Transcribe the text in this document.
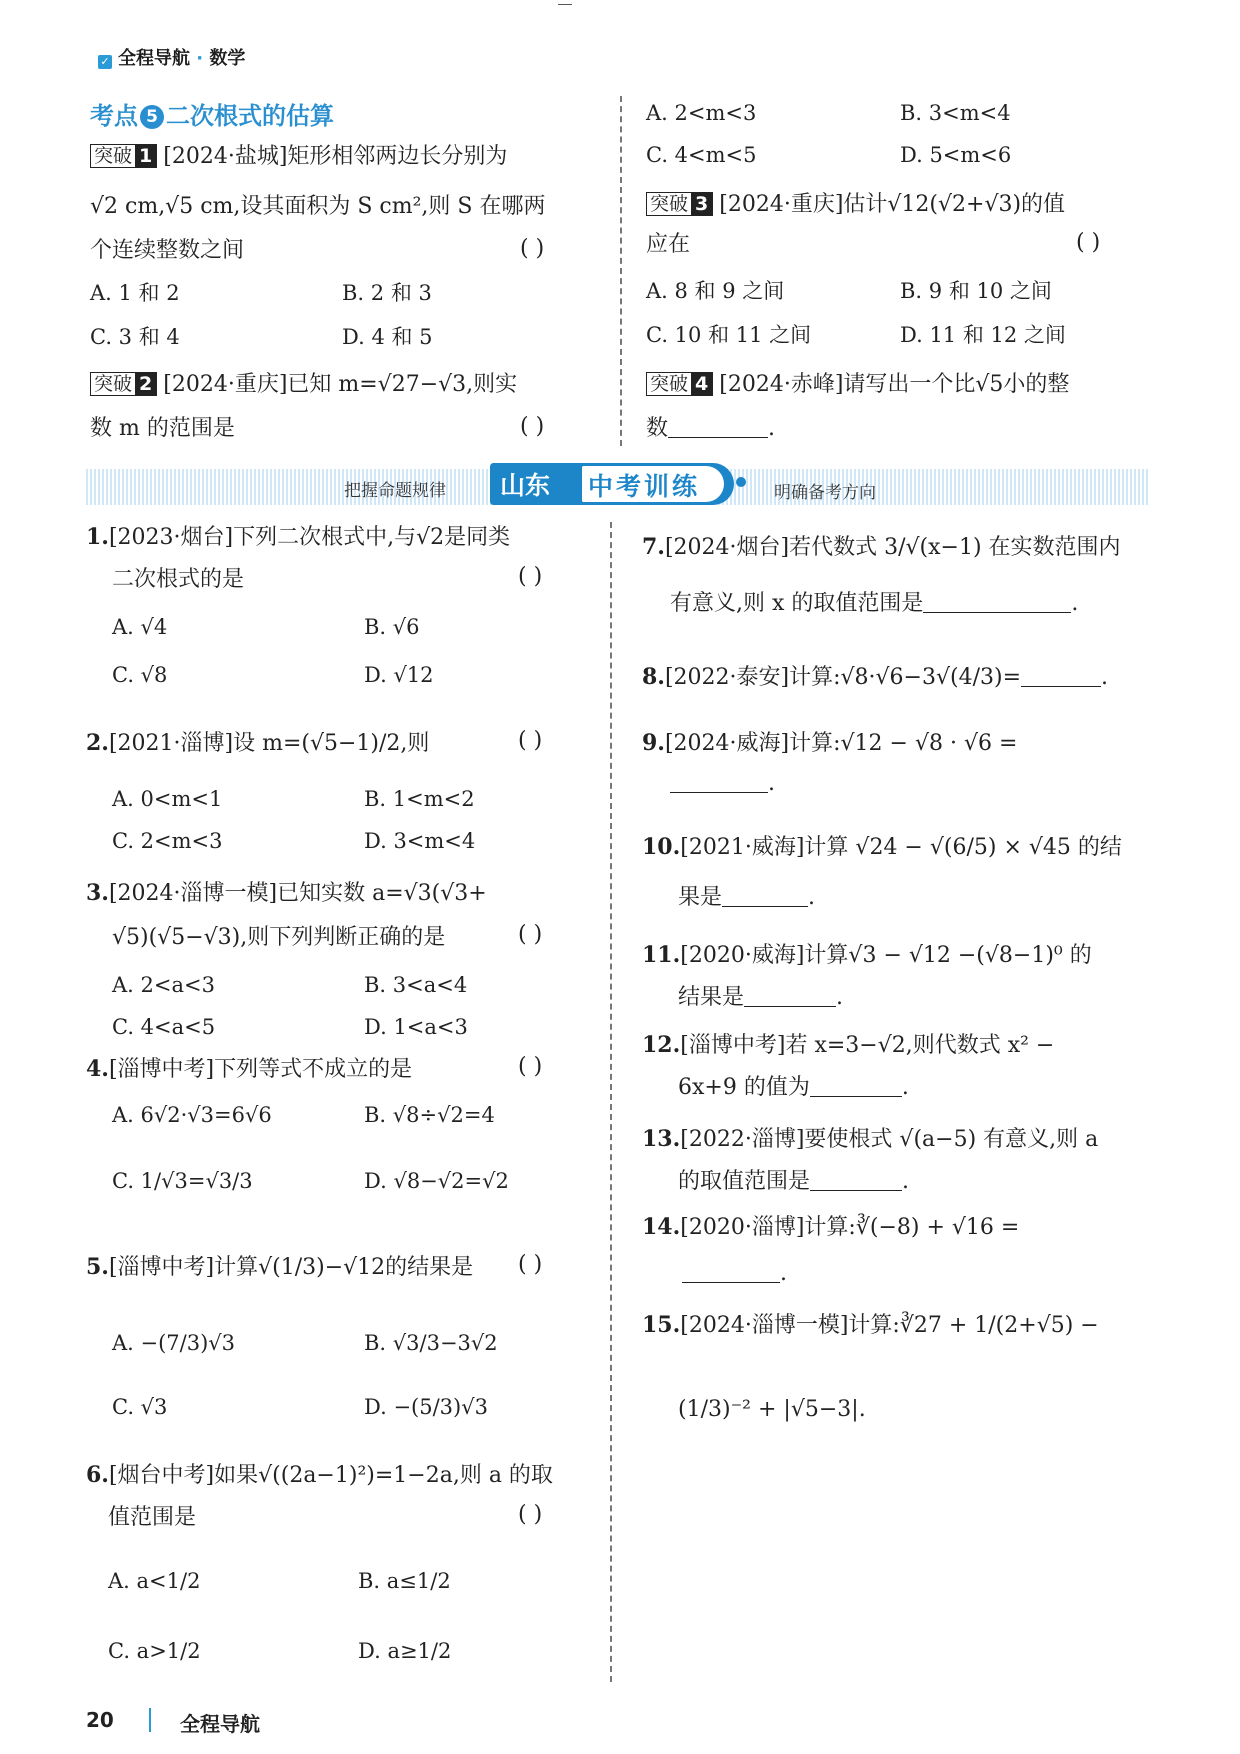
✓ 全程导航 · 数学
考点 5 二次根式的估算
突破 1 [2024·盐城]矩形相邻两边长分别为
√2 cm,√5 cm,设其面积为 S cm²,则 S 在哪两
个连续整数之间	( )
A. 1 和 2	B. 2 和 3
C. 3 和 4	D. 4 和 5
突破 2 [2024·重庆]已知 m=√27−√3,则实
数 m 的范围是	( )
A. 2<m<3	B. 3<m<4
C. 4<m<5	D. 5<m<6
突破 3 [2024·重庆]估计√12(√2+√3)的值
应在	( )
A. 8 和 9 之间	B. 9 和 10 之间
C. 10 和 11 之间	D. 11 和 12 之间
突破 4 [2024·赤峰]请写出一个比√5小的整
数	.
把握命题规律 山东 中考训练	明确备考方向
1.[2023·烟台]下列二次根式中,与√2是同类
二次根式的是	( )
A. √4	B. √6
C. √8	D. √12
2.[2021·淄博]设 m=(√5−1)/2,则	( )
A. 0<m<1	B. 1<m<2
C. 2<m<3	D. 3<m<4
3.[2024·淄博一模]已知实数 a=√3(√3+
√5)(√5−√3),则下列判断正确的是	( )
A. 2<a<3	B. 3<a<4
C. 4<a<5	D. 1<a<3
4.[淄博中考]下列等式不成立的是	( )
A. 6√2·√3=6√6	B. √8÷√2=4
C. 1/√3=√3/3	D. √8−√2=√2
5.[淄博中考]计算√(1/3)−√12的结果是	( )
A. −(7/3)√3	B. √3/3−3√2
C. √3	D. −(5/3)√3
6.[烟台中考]如果√((2a−1)²)=1−2a,则 a 的取
值范围是	( )
A. a<1/2	B. a≤1/2
C. a>1/2	D. a≥1/2
7.[2024·烟台]若代数式 3/√(x−1) 在实数范围内
有意义,则 x 的取值范围是	.
8.[2022·泰安]计算:√8·√6−3√(4/3)=	.
9.[2024·威海]计算:√12 − √8 · √6 =
.
10.[2021·威海]计算 √24 − √(6/5) × √45 的结
果是	.
11.[2020·威海]计算√3 − √12 −(√8−1)⁰ 的
结果是	.
12.[淄博中考]若 x=3−√2,则代数式 x² −
6x+9 的值为	.
13.[2022·淄博]要使根式 √(a−5) 有意义,则 a
的取值范围是	.
14.[2020·淄博]计算:∛(−8) + √16 =
.
15.[2024·淄博一模]计算:∛27 + 1/(2+√5) −
(1/3)⁻² + |√5−3|.
20	全程导航
